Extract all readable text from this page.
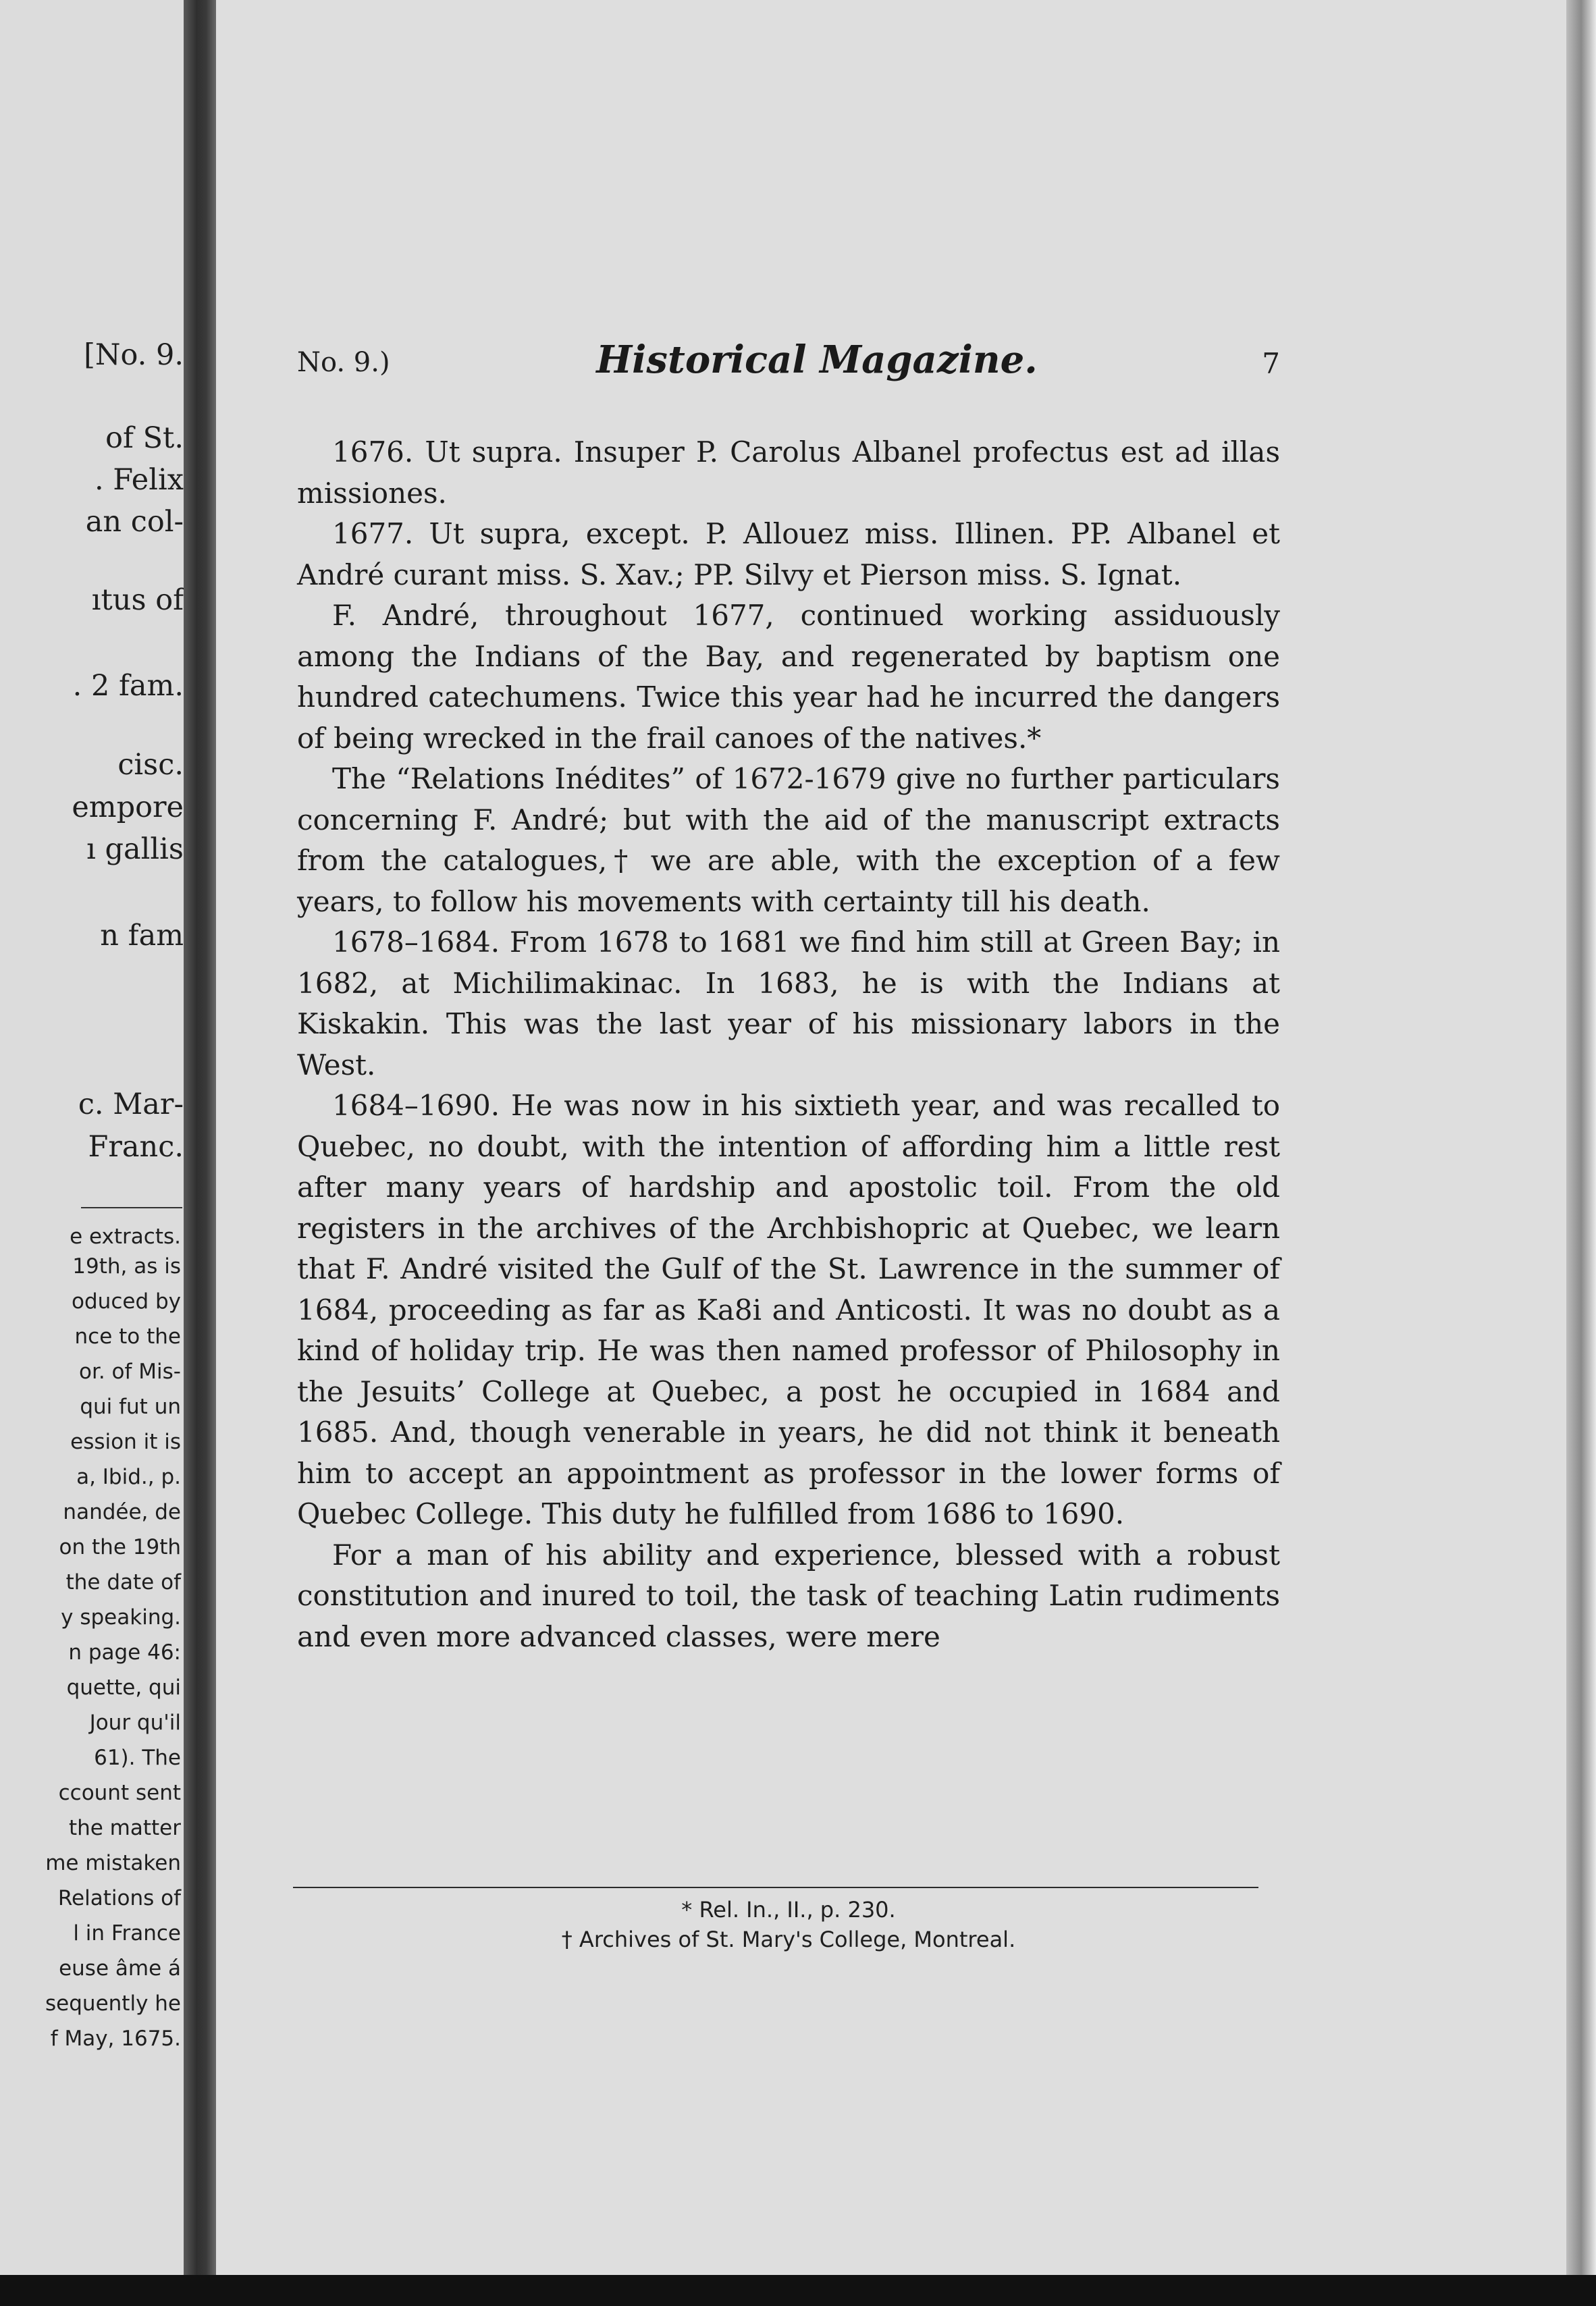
[No. 9.
of St.
. Felix
an col-
ıtus of
. 2 fam.
cisc.
empore
ı gallis
n fam
c. Mar-
Franc.
e extracts.
19th, as is
oduced by
nce to the
or. of Mis-
qui fut un
ession it is
a, Ibid., p.
nandée, de
on the 19th
the date of
y speaking.
n page 46:
quette, qui
Jour qu'il
61). The
ccount sent
the matter
me mistaken
Relations of
l in France
euse âme á
sequently he
f May, 1675.
No. 9.)	Historical Magazine.	7

1676. Ut supra. Insuper P. Carolus Albanel profectus est ad illas missiones.

1677. Ut supra, except. P. Allouez miss. Illinen. PP. Albanel et André curant miss. S. Xav.; PP. Silvy et Pierson miss. S. Ignat.

F. André, throughout 1677, continued working assiduously among the Indians of the Bay, and regenerated by baptism one hundred catechumens. Twice this year had he incurred the dangers of being wrecked in the frail canoes of the natives.*

The “Relations Inédites” of 1672-1679 give no further particulars concerning F. André; but with the aid of the manuscript extracts from the catalogues,† we are able, with the exception of a few years, to follow his movements with certainty till his death.

1678–1684. From 1678 to 1681 we find him still at Green Bay; in 1682, at Michilimakinac. In 1683, he is with the Indians at Kiskakin. This was the last year of his missionary labors in the West.

1684–1690. He was now in his sixtieth year, and was recalled to Quebec, no doubt, with the intention of affording him a little rest after many years of hardship and apostolic toil. From the old registers in the archives of the Archbishopric at Quebec, we learn that F. André visited the Gulf of the St. Lawrence in the summer of 1684, proceeding as far as Ka8i and Anticosti. It was no doubt as a kind of holiday trip. He was then named professor of Philosophy in the Jesuits’ College at Quebec, a post he occupied in 1684 and 1685. And, though venerable in years, he did not think it beneath him to accept an appointment as professor in the lower forms of Quebec College. This duty he fulfilled from 1686 to 1690.

For a man of his ability and experience, blessed with a robust constitution and inured to toil, the task of teaching Latin rudiments and even more advanced classes, were mere

* Rel. In., II., p. 230.
† Archives of St. Mary's College, Montreal.
